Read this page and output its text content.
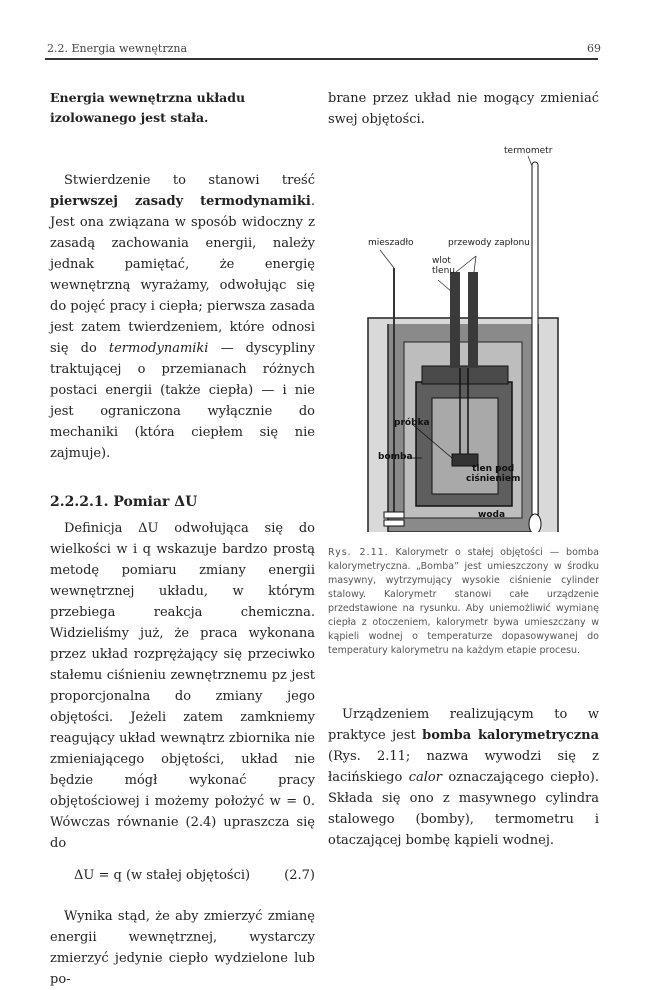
2.2. Energia wewnętrzna	69

Energia wewnętrzna układu izolowanego jest stała.

Stwierdzenie to stanowi treść pierwszej zasady termodynamiki. Jest ona związana w sposób widoczny z zasadą zachowania energii, należy jednak pamiętać, że energię wewnętrzną wyrażamy, odwołując się do pojęć pracy i ciepła; pierwsza zasada jest zatem twierdzeniem, które odnosi się do termodynamiki — dyscypliny traktującej o przemianach różnych postaci energii (także ciepła) — i nie jest ograniczona wyłącznie do mechaniki (która ciepłem się nie zajmuje).

2.2.2.1. Pomiar ΔU

Definicja ΔU odwołująca się do wielkości w i q wskazuje bardzo prostą metodę pomiaru zmiany energii wewnętrznej układu, w którym przebiega reakcja chemiczna. Widzieliśmy już, że praca wykonana przez układ rozprężający się przeciwko stałemu ciśnieniu zewnętrznemu pz jest proporcjonalna do zmiany jego objętości. Jeżeli zatem zamkniemy reagujący układ wewnątrz zbiornika nie zmieniającego objętości, układ nie będzie mógł wykonać pracy objętościowej i możemy położyć w = 0. Wówczas równanie (2.4) upraszcza się do

ΔU = q (w stałej objętości)	(2.7)

Wynika stąd, że aby zmierzyć zmianę energii wewnętrznej, wystarczy zmierzyć jedynie ciepło wydzielone lub po-

brane przez układ nie mogący zmieniać swej objętości.

termometr
mieszadło	przewody zapłonu
wlot
tlenu
próbka
bomba
tlen pod
ciśnieniem
woda

Rys. 2.11. Kalorymetr o stałej objętości — bomba kalorymetryczna. „Bomba” jest umieszczony w środku masywny, wytrzymujący wysokie ciśnienie cylinder stalowy. Kalorymetr stanowi całe urządzenie przedstawione na rysunku. Aby uniemożliwić wymianę ciepła z otoczeniem, kalorymetr bywa umieszczany w kąpieli wodnej o temperaturze dopasowywanej do temperatury kalorymetru na każdym etapie procesu.

Urządzeniem realizującym to w praktyce jest bomba kalorymetryczna (Rys. 2.11; nazwa wywodzi się z łacińskiego calor oznaczającego ciepło). Składa się ono z masywnego cylindra stalowego (bomby), termometru i otaczającej bombę kąpieli wodnej.
